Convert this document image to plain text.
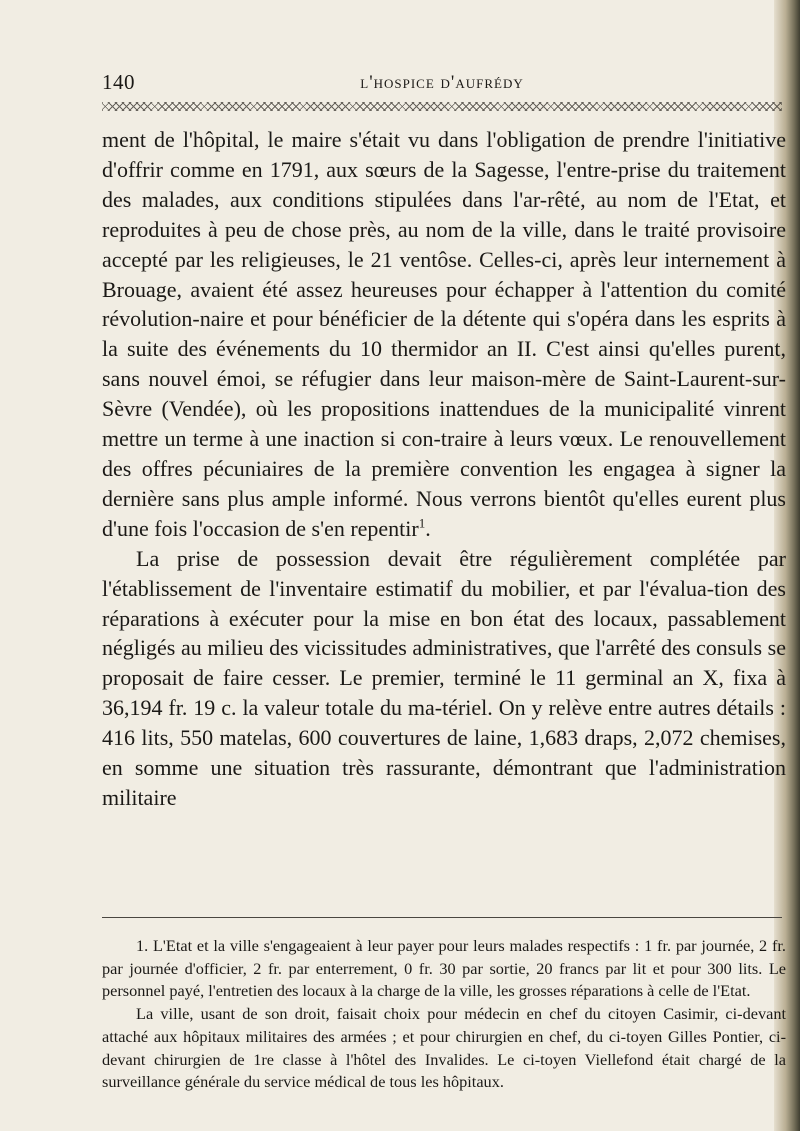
140	l'hospice d'aufrédy

ment de l'hôpital, le maire s'était vu dans l'obligation de prendre l'initiative d'offrir comme en 1791, aux sœurs de la Sagesse, l'entre-prise du traitement des malades, aux conditions stipulées dans l'ar-rêté, au nom de l'Etat, et reproduites à peu de chose près, au nom de la ville, dans le traité provisoire accepté par les religieuses, le 21 ventôse. Celles-ci, après leur internement à Brouage, avaient été assez heureuses pour échapper à l'attention du comité révolution-naire et pour bénéficier de la détente qui s'opéra dans les esprits à la suite des événements du 10 thermidor an II. C'est ainsi qu'elles purent, sans nouvel émoi, se réfugier dans leur maison-mère de Saint-Laurent-sur-Sèvre (Vendée), où les propositions inattendues de la municipalité vinrent mettre un terme à une inaction si con-traire à leurs vœux. Le renouvellement des offres pécuniaires de la première convention les engagea à signer la dernière sans plus ample informé. Nous verrons bientôt qu'elles eurent plus d'une fois l'occasion de s'en repentir$^1$.

La prise de possession devait être régulièrement complétée par l'établissement de l'inventaire estimatif du mobilier, et par l'évalua-tion des réparations à exécuter pour la mise en bon état des locaux, passablement négligés au milieu des vicissitudes administratives, que l'arrêté des consuls se proposait de faire cesser. Le premier, terminé le 11 germinal an X, fixa à 36,194 fr. 19 c. la valeur totale du ma-tériel. On y relève entre autres détails : 416 lits, 550 matelas, 600 couvertures de laine, 1,683 draps, 2,072 chemises, en somme une situation très rassurante, démontrant que l'administration militaire

1. L'Etat et la ville s'engageaient à leur payer pour leurs malades respectifs : 1 fr. par journée, 2 fr. par journée d'officier, 2 fr. par enterrement, 0 fr. 30 par sortie, 20 francs par lit et pour 300 lits. Le personnel payé, l'entretien des locaux à la charge de la ville, les grosses réparations à celle de l'Etat.

La ville, usant de son droit, faisait choix pour médecin en chef du citoyen Casimir, ci-devant attaché aux hôpitaux militaires des armées ; et pour chirurgien en chef, du ci-toyen Gilles Pontier, ci-devant chirurgien de 1re classe à l'hôtel des Invalides. Le ci-toyen Viellefond était chargé de la surveillance générale du service médical de tous les hôpitaux.
